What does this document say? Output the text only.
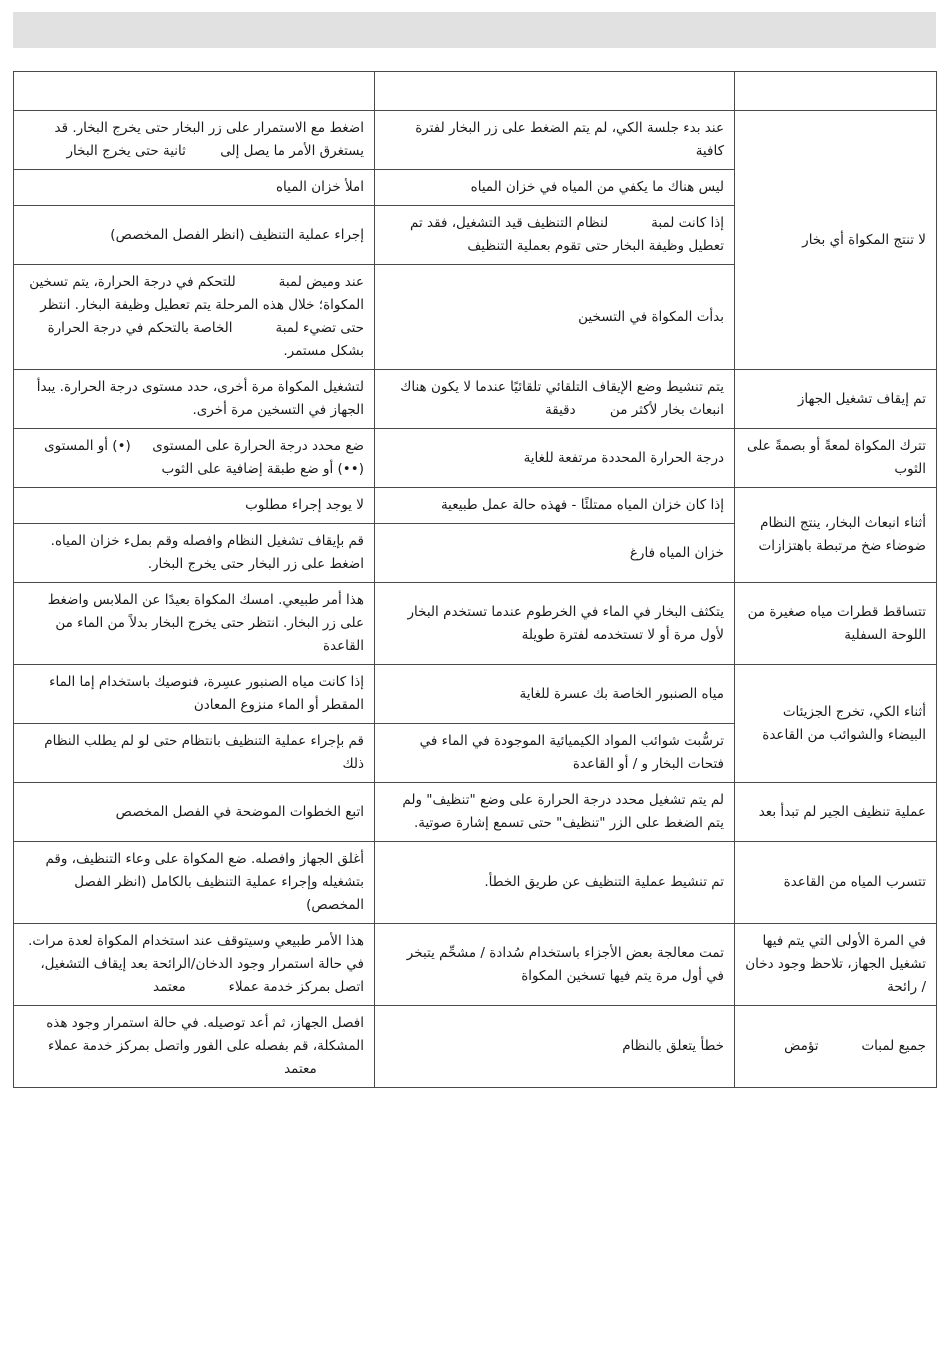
لا تنتج المكواة أي بخار	عند بدء جلسة الكي، لم يتم الضغط على زر البخار لفترة كافية	اضغط مع الاستمرار على زر البخار حتى يخرج البخار. قد يستغرق الأمر ما يصل إلى        ثانية حتى يخرج البخار
	ليس هناك ما يكفي من المياه في خزان المياه	املأ خزان المياه
	إذا كانت لمبة          لنظام التنظيف قيد التشغيل، فقد تم تعطيل وظيفة البخار حتى تقوم بعملية التنظيف	إجراء عملية التنظيف (انظر الفصل المخصص)
	بدأت المكواة في التسخين	عند وميض لمبة          للتحكم في درجة الحرارة، يتم تسخين المكواة؛ خلال هذه المرحلة يتم تعطيل وظيفة البخار. انتظر حتى تضيء لمبة          الخاصة بالتحكم في درجة الحرارة بشكل مستمر.
تم إيقاف تشغيل الجهاز	يتم تنشيط وضع الإيقاف التلقائي تلقائيًا عندما لا يكون هناك انبعاث بخار لأكثر من        دقيقة	لتشغيل المكواة مرة أخرى، حدد مستوى درجة الحرارة. يبدأ الجهاز في التسخين مرة أخرى.
تترك المكواة لمعةً أو بصمةً على الثوب	درجة الحرارة المحددة مرتفعة للغاية	ضع محدد درجة الحرارة على المستوى     (•) أو المستوى     (••) أو ضع طبقة إضافية على الثوب
أثناء انبعاث البخار، ينتج النظام ضوضاء ضخ مرتبطة باهتزازات	إذا كان خزان المياه ممتلئًا - فهذه حالة عمل طبيعية	لا يوجد إجراء مطلوب
	خزان المياه فارغ	قم بإيقاف تشغيل النظام وافصله وقم بملء خزان المياه. اضغط على زر البخار حتى يخرج البخار.
تتساقط قطرات مياه صغيرة من اللوحة السفلية	يتكثف البخار في الماء في الخرطوم عندما تستخدم البخار لأول مرة أو لا تستخدمه لفترة طويلة	هذا أمر طبيعي. امسك المكواة بعيدًا عن الملابس واضغط على زر البخار. انتظر حتى يخرج البخار بدلاً من الماء من القاعدة
أثناء الكي، تخرج الجزيئات البيضاء والشوائب من القاعدة	مياه الصنبور الخاصة بك عسرة للغاية	إذا كانت مياه الصنبور عسِرة، فنوصيك باستخدام إما الماء المقطر أو الماء منزوع المعادن
	ترسُّبت شوائب المواد الكيميائية الموجودة في الماء في فتحات البخار و / أو القاعدة	قم بإجراء عملية التنظيف بانتظام حتى لو لم يطلب النظام ذلك
عملية تنظيف الجير لم تبدأ بعد	لم يتم تشغيل محدد درجة الحرارة على وضع "تنظيف" ولم يتم الضغط على الزر "تنظيف" حتى تسمع إشارة صوتية.	اتبع الخطوات الموضحة في الفصل المخصص
تتسرب المياه من القاعدة	تم تنشيط عملية التنظيف عن طريق الخطأ.	أغلق الجهاز وافصله. ضع المكواة على وعاء التنظيف، وقم بتشغيله وإجراء عملية التنظيف بالكامل (انظر الفصل المخصص)
في المرة الأولى التي يتم فيها تشغيل الجهاز، تلاحظ وجود دخان / رائحة	تمت معالجة بعض الأجزاء باستخدام سُدادة / مشحِّم يتبخر في أول مرة يتم فيها تسخين المكواة	هذا الأمر طبيعي وسيتوقف عند استخدام المكواة لعدة مرات. في حالة استمرار وجود الدخان/الرائحة بعد إيقاف التشغيل، اتصل بمركز خدمة عملاء          معتمد
جميع لمبات          تؤمض	خطأ يتعلق بالنظام	افصل الجهاز، ثم أعد توصيله. في حالة استمرار وجود هذه المشكلة، قم بفصله على الفور واتصل بمركز خدمة عملاء            معتمد
